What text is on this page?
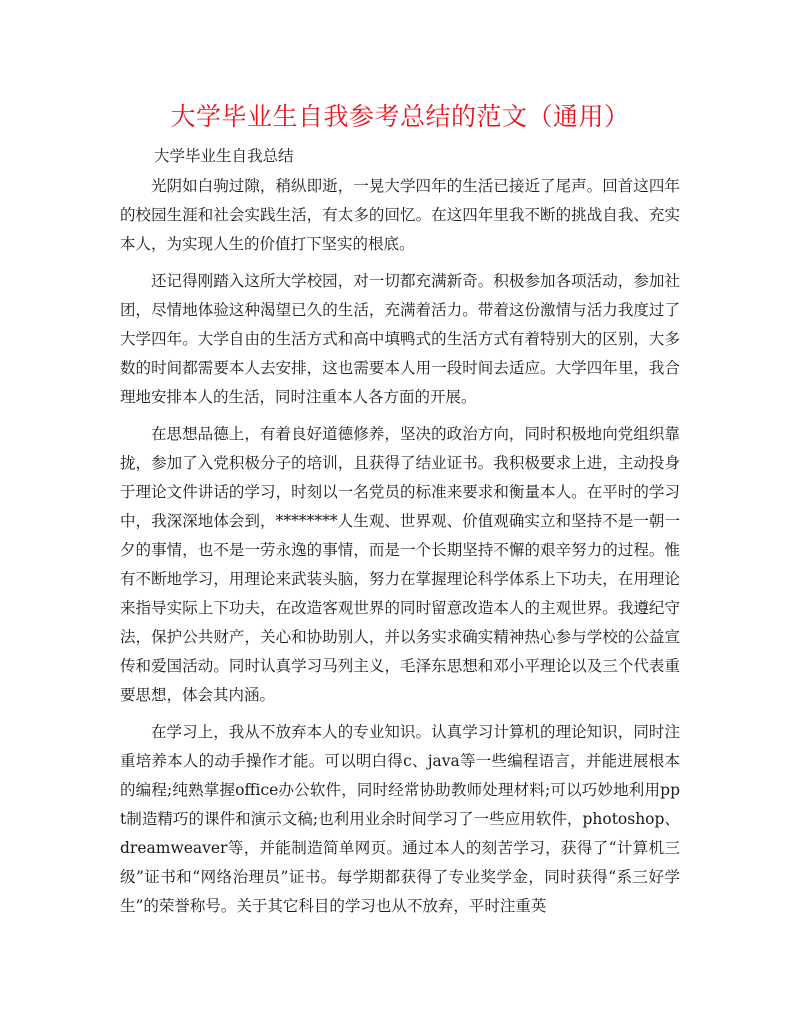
大学毕业生自我参考总结的范文（通用）

大学毕业生自我总结

光阴如白驹过隙，稍纵即逝，一晃大学四年的生活已接近了尾声。回首这四年的校园生涯和社会实践生活，有太多的回忆。在这四年里我不断的挑战自我、充实本人，为实现人生的价值打下坚实的根底。

还记得刚踏入这所大学校园，对一切都充满新奇。积极参加各项活动，参加社团，尽情地体验这种渴望已久的生活，充满着活力。带着这份激情与活力我度过了大学四年。大学自由的生活方式和高中填鸭式的生活方式有着特别大的区别，大多数的时间都需要本人去安排，这也需要本人用一段时间去适应。大学四年里，我合理地安排本人的生活，同时注重本人各方面的开展。

在思想品德上，有着良好道德修养，坚决的政治方向，同时积极地向党组织靠拢，参加了入党积极分子的培训，且获得了结业证书。我积极要求上进，主动投身于理论文件讲话的学习，时刻以一名党员的标准来要求和衡量本人。在平时的学习中，我深深地体会到，********人生观、世界观、价值观确实立和坚持不是一朝一夕的事情，也不是一劳永逸的事情，而是一个长期坚持不懈的艰辛努力的过程。惟有不断地学习，用理论来武装头脑，努力在掌握理论科学体系上下功夫，在用理论来指导实际上下功夫，在改造客观世界的同时留意改造本人的主观世界。我遵纪守法，保护公共财产，关心和协助别人，并以务实求确实精神热心参与学校的公益宣传和爱国活动。同时认真学习马列主义，毛泽东思想和邓小平理论以及三个代表重要思想，体会其内涵。

在学习上，我从不放弃本人的专业知识。认真学习计算机的理论知识，同时注重培养本人的动手操作才能。可以明白得c、java等一些编程语言，并能进展根本的编程;纯熟掌握office办公软件，同时经常协助教师处理材料;可以巧妙地利用ppt制造精巧的课件和演示文稿;也利用业余时间学习了一些应用软件，photoshop、dreamweaver等，并能制造简单网页。通过本人的刻苦学习，获得了“计算机三级”证书和“网络治理员”证书。每学期都获得了专业奖学金，同时获得“系三好学生”的荣誉称号。关于其它科目的学习也从不放弃，平时注重英
